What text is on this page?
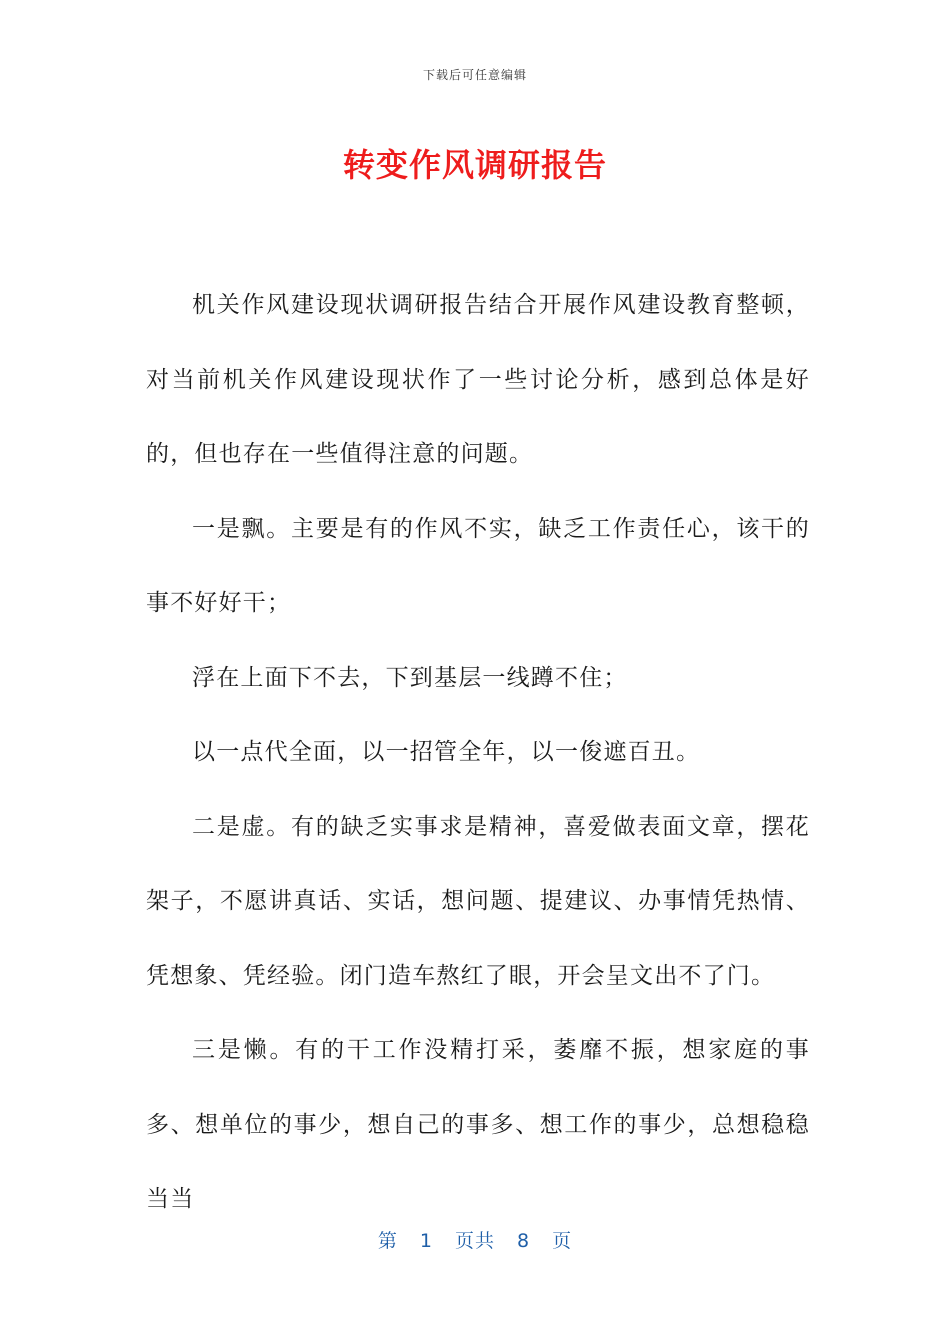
下载后可任意编辑
转变作风调研报告

机关作风建设现状调研报告结合开展作风建设教育整顿，对当前机关作风建设现状作了一些讨论分析，感到总体是好的，但也存在一些值得注意的问题。

一是飘。主要是有的作风不实，缺乏工作责任心，该干的事不好好干；

浮在上面下不去，下到基层一线蹲不住；

以一点代全面，以一招管全年，以一俊遮百丑。

二是虚。有的缺乏实事求是精神，喜爱做表面文章，摆花架子，不愿讲真话、实话，想问题、提建议、办事情凭热情、凭想象、凭经验。闭门造车熬红了眼，开会呈文出不了门。

三是懒。有的干工作没精打采，萎靡不振，想家庭的事多、想单位的事少，想自己的事多、想工作的事少，总想稳稳当当

第 1 页共 8 页
